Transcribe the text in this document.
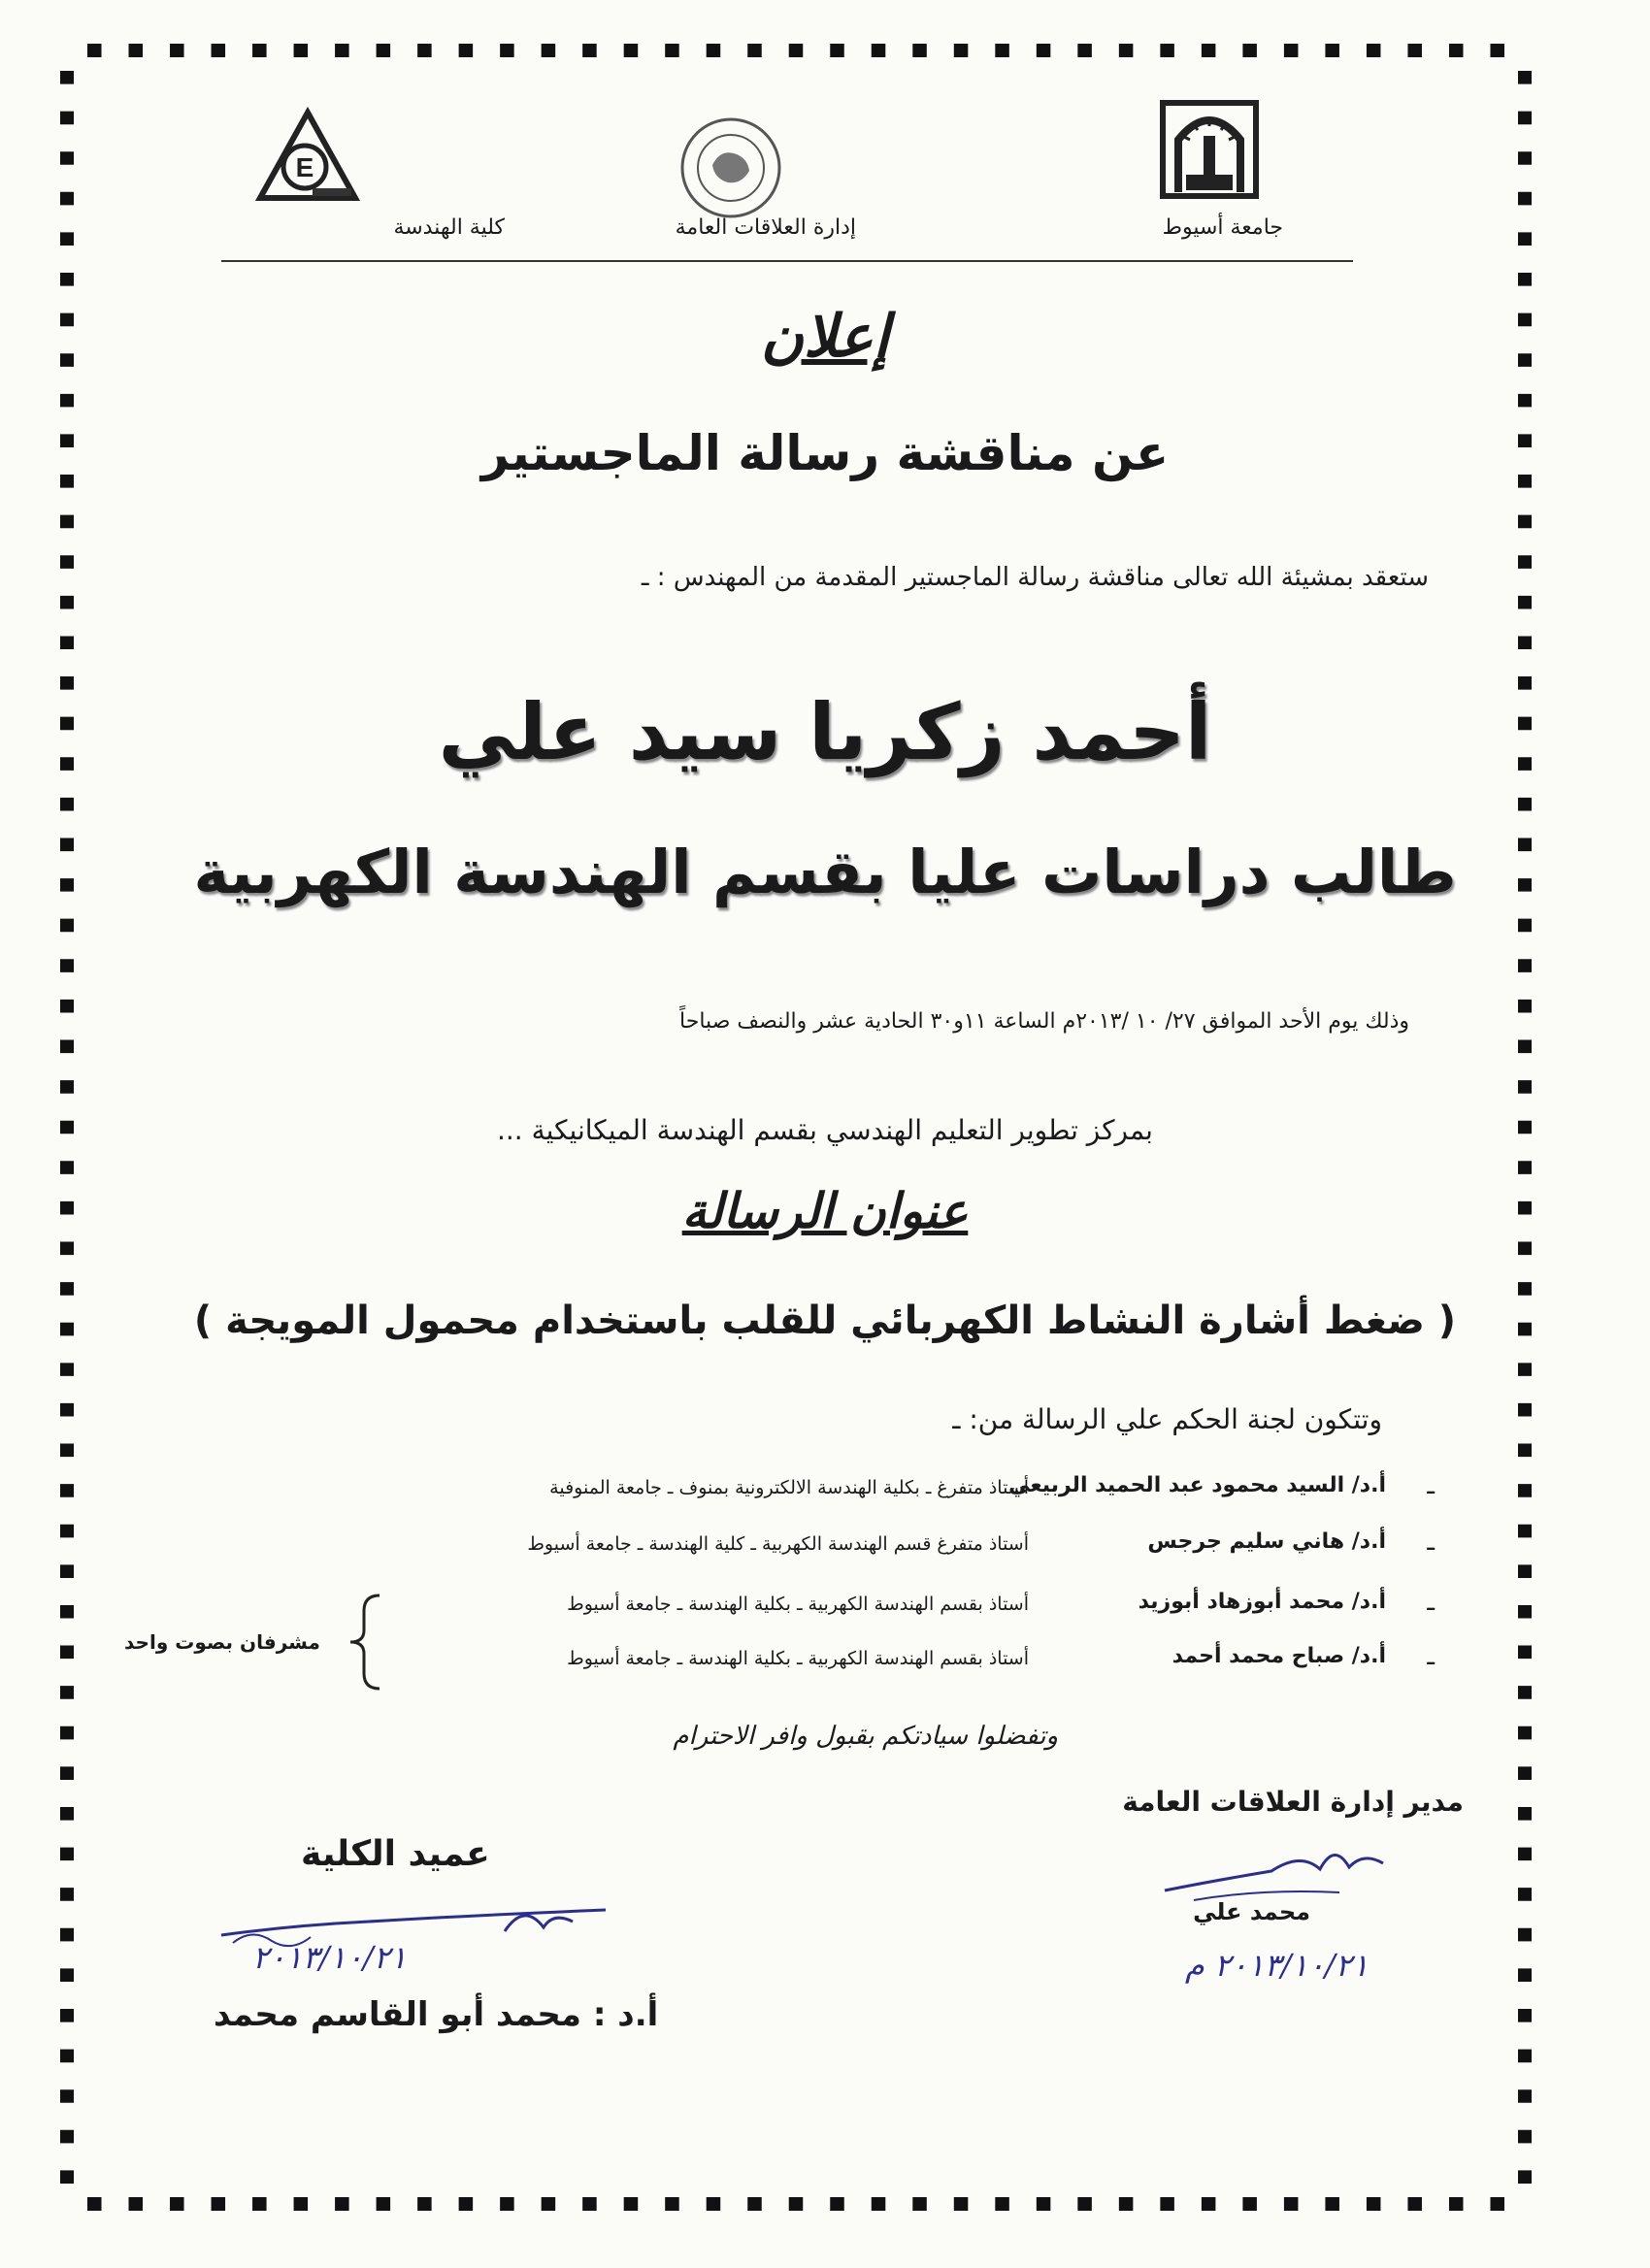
E
جامعة أسيوط
إدارة العلاقات العامة
كلية الهندسة
إعلان
عن مناقشة رسالة الماجستير
ستعقد بمشيئة الله تعالى مناقشة رسالة الماجستير المقدمة من المهندس : ـ
أحمد زكريا سيد علي
طالب دراسات عليا بقسم الهندسة الكهربية
وذلك يوم الأحد الموافق ٢٧/ ١٠ /٢٠١٣م الساعة ١١و٣٠ الحادية عشر والنصف صباحاً
بمركز تطوير التعليم الهندسي بقسم الهندسة الميكانيكية ...
عنوان الرسالة
( ضغط أشارة النشاط الكهربائي للقلب باستخدام محمول المويجة )
وتتكون لجنة الحكم علي الرسالة من: ـ
ـ
أ.د/ السيد محمود عبد الحميد الربيعي
أستاذ متفرغ ـ بكلية الهندسة الالكترونية بمنوف ـ جامعة المنوفية
ـ
أ.د/ هاني سليم جرجس
أستاذ متفرغ قسم الهندسة الكهربية ـ كلية الهندسة ـ جامعة أسيوط
ـ
أ.د/ محمد أبوزهاد أبوزيد
أستاذ بقسم الهندسة الكهربية ـ بكلية الهندسة ـ جامعة أسيوط
ـ
أ.د/ صباح محمد أحمد
أستاذ بقسم الهندسة الكهربية ـ بكلية الهندسة ـ جامعة أسيوط
مشرفان بصوت واحد
وتفضلوا سيادتكم بقبول وافر الاحترام
مدير إدارة العلاقات العامة
محمد علي
٢٠١٣/١٠/٢١ م
عميد الكلية
٢٠١٣/١٠/٢١
أ.د : محمد أبو القاسم محمد
